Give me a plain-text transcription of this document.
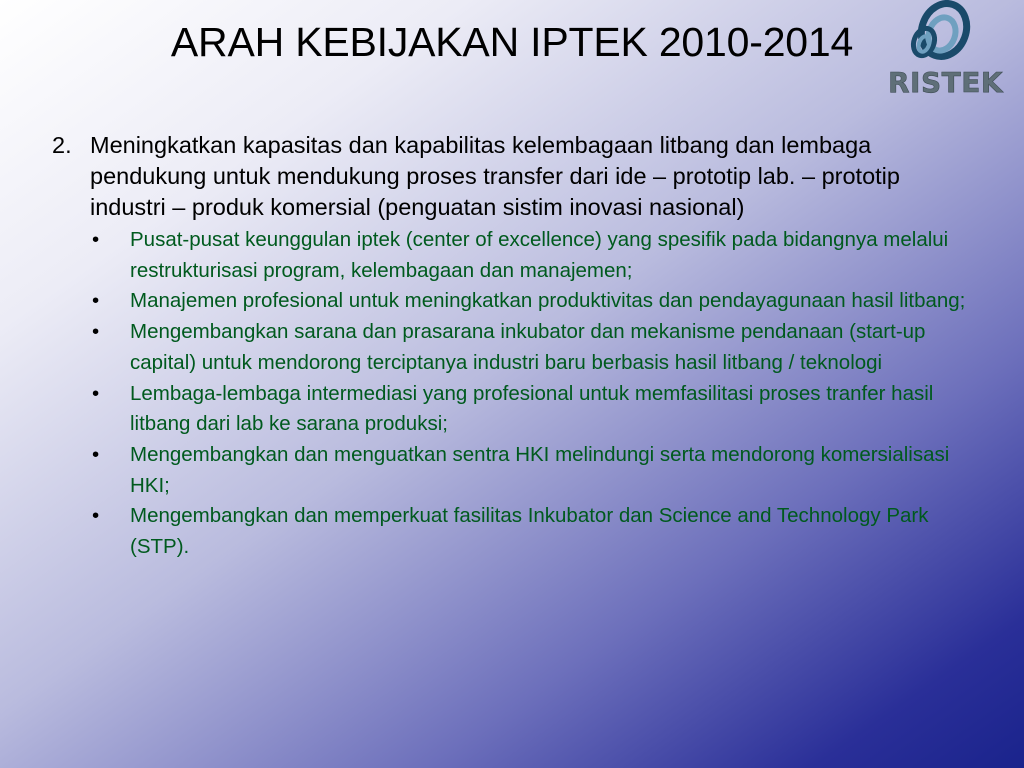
ARAH KEBIJAKAN IPTEK 2010-2014
RISTEK
2. Meningkatkan kapasitas dan kapabilitas kelembagaan litbang dan lembaga pendukung untuk mendukung proses transfer dari ide – prototip lab. – prototip industri – produk komersial (penguatan sistim inovasi nasional)
•	Pusat-pusat keunggulan iptek (center of excellence) yang spesifik pada bidangnya melalui restrukturisasi program, kelembagaan dan manajemen;
•	Manajemen profesional untuk meningkatkan produktivitas dan pendayagunaan hasil litbang;
•	Mengembangkan sarana dan prasarana inkubator dan mekanisme pendanaan (start-up capital) untuk mendorong terciptanya industri baru berbasis hasil litbang / teknologi
•	Lembaga-lembaga intermediasi yang profesional untuk memfasilitasi proses tranfer hasil litbang dari lab ke sarana produksi;
•	Mengembangkan dan menguatkan sentra HKI melindungi serta mendorong komersialisasi HKI;
•	Mengembangkan dan memperkuat fasilitas Inkubator dan Science and Technology Park (STP).
